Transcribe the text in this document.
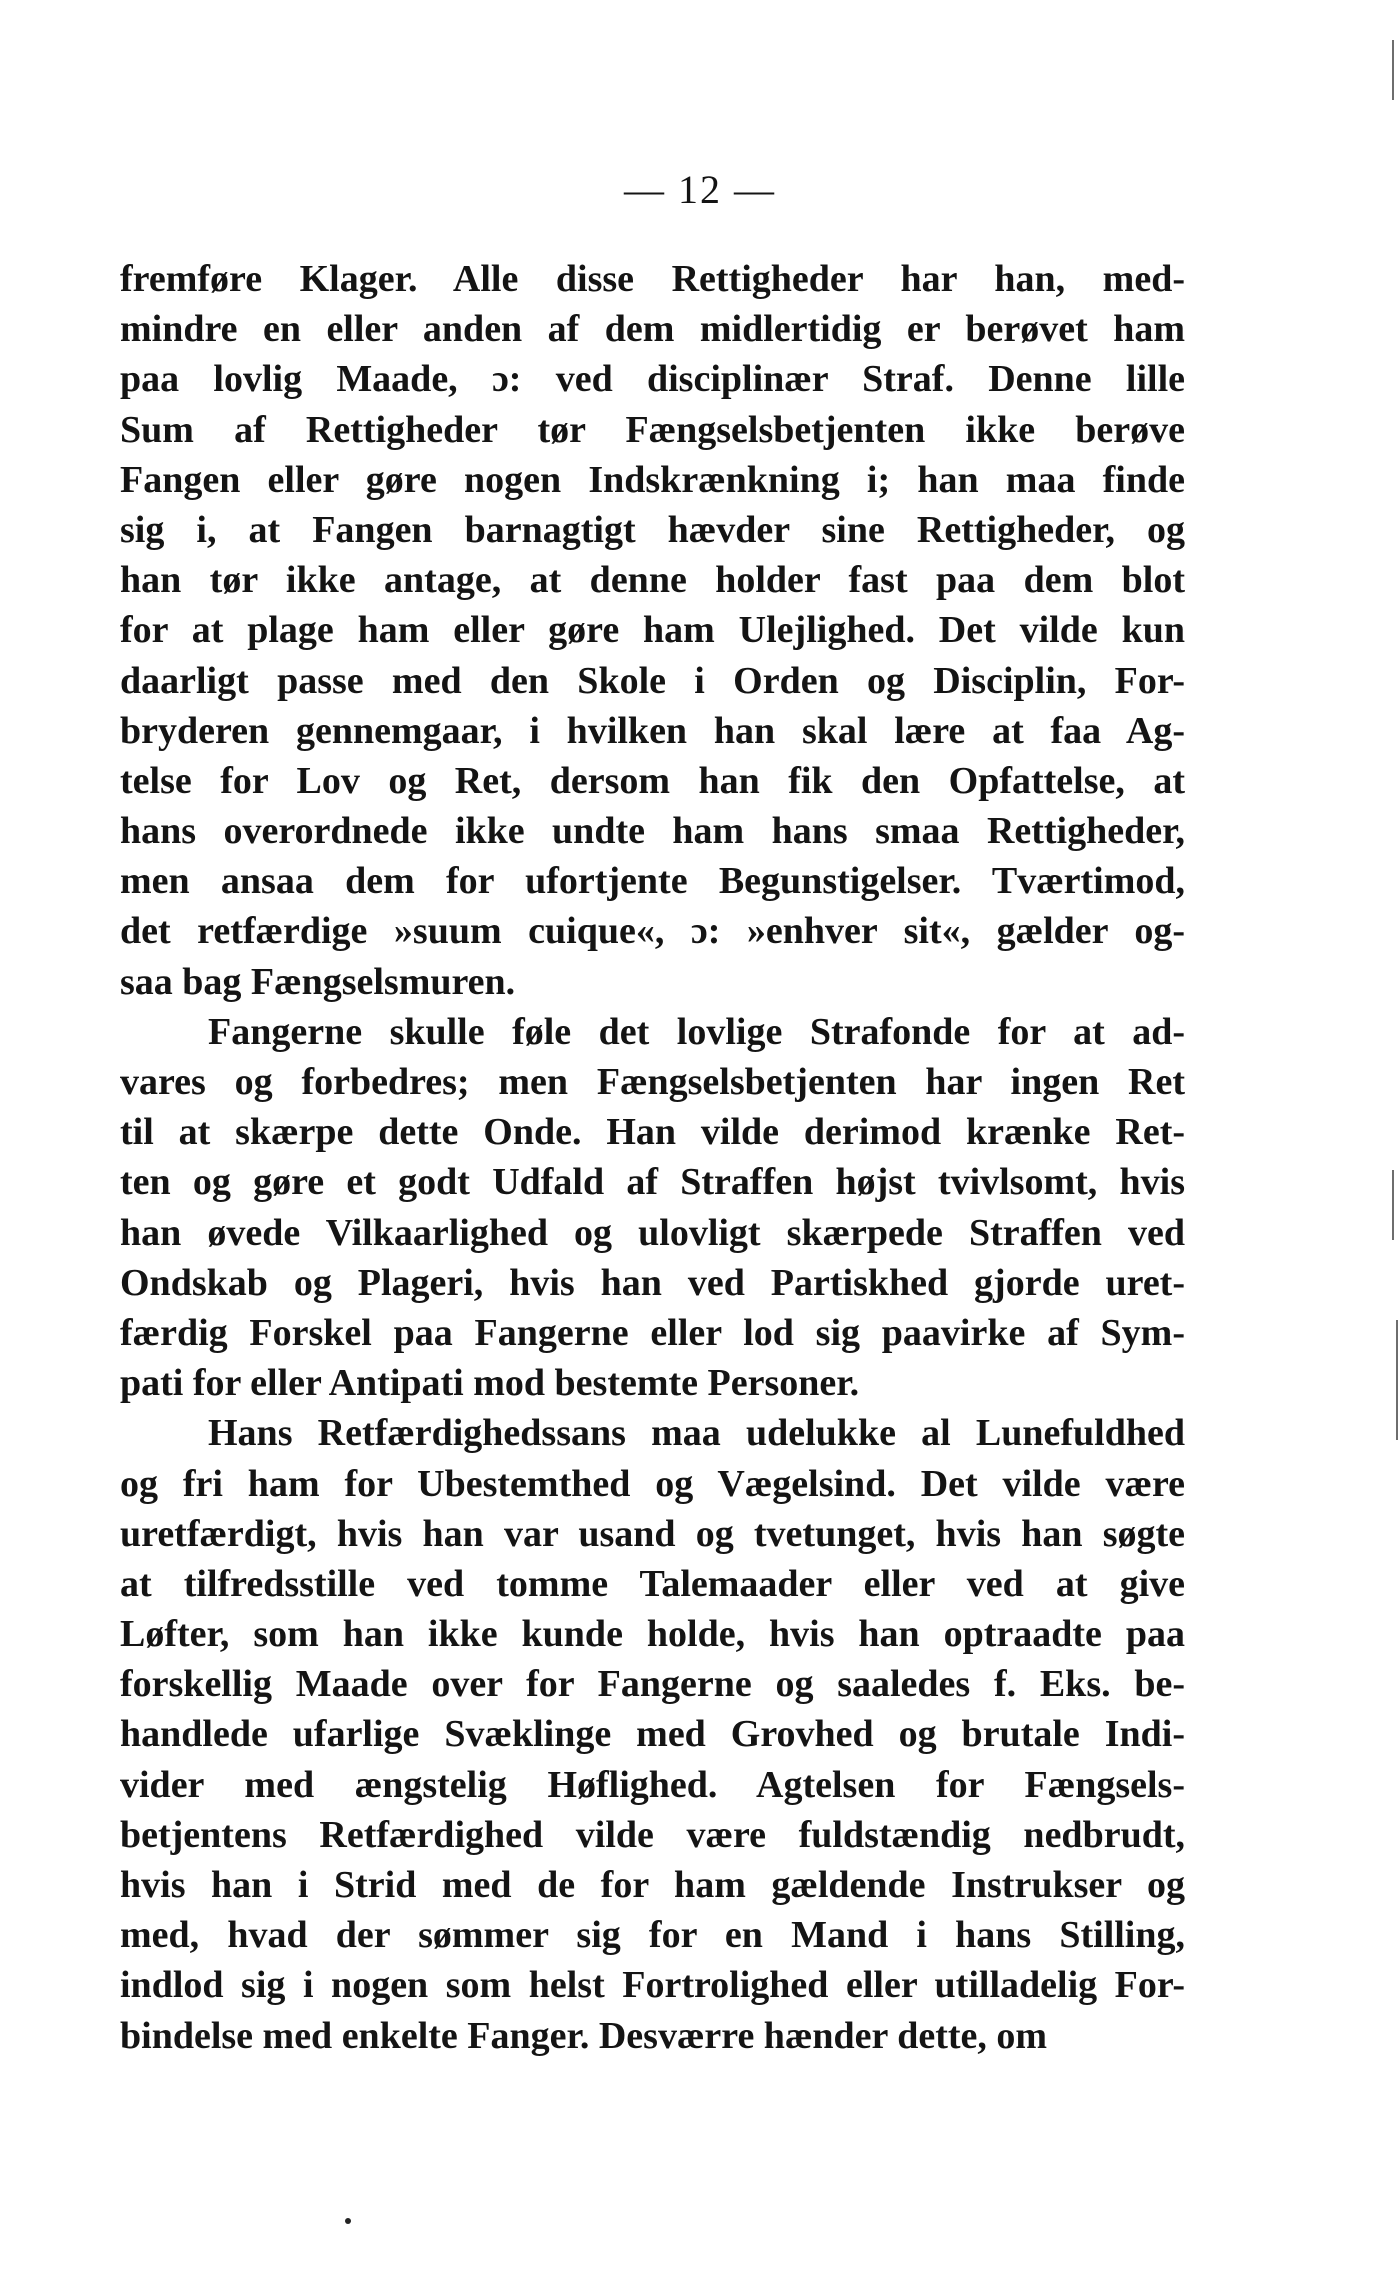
— 12 —
fremføre Klager. Alle disse Rettigheder har han, med-
mindre en eller anden af dem midlertidig er berøvet ham
paa lovlig Maade, ɔ: ved disciplinær Straf. Denne lille
Sum af Rettigheder tør Fængselsbetjenten ikke berøve
Fangen eller gøre nogen Indskrænkning i; han maa finde
sig i, at Fangen barnagtigt hævder sine Rettigheder, og
han tør ikke antage, at denne holder fast paa dem blot
for at plage ham eller gøre ham Ulejlighed. Det vilde kun
daarligt passe med den Skole i Orden og Disciplin, For-
bryderen gennemgaar, i hvilken han skal lære at faa Ag-
telse for Lov og Ret, dersom han fik den Opfattelse, at
hans overordnede ikke undte ham hans smaa Rettigheder,
men ansaa dem for ufortjente Begunstigelser. Tværtimod,
det retfærdige »suum cuique«, ɔ: »enhver sit«, gælder og-
saa bag Fængselsmuren.
Fangerne skulle føle det lovlige Strafonde for at ad-
vares og forbedres; men Fængselsbetjenten har ingen Ret
til at skærpe dette Onde. Han vilde derimod krænke Ret-
ten og gøre et godt Udfald af Straffen højst tvivlsomt, hvis
han øvede Vilkaarlighed og ulovligt skærpede Straffen ved
Ondskab og Plageri, hvis han ved Partiskhed gjorde uret-
færdig Forskel paa Fangerne eller lod sig paavirke af Sym-
pati for eller Antipati mod bestemte Personer.
Hans Retfærdighedssans maa udelukke al Lunefuldhed
og fri ham for Ubestemthed og Vægelsind. Det vilde være
uretfærdigt, hvis han var usand og tvetunget, hvis han søgte
at tilfredsstille ved tomme Talemaader eller ved at give
Løfter, som han ikke kunde holde, hvis han optraadte paa
forskellig Maade over for Fangerne og saaledes f. Eks. be-
handlede ufarlige Svæklinge med Grovhed og brutale Indi-
vider med ængstelig Høflighed. Agtelsen for Fængsels-
betjentens Retfærdighed vilde være fuldstændig nedbrudt,
hvis han i Strid med de for ham gældende Instrukser og
med, hvad der sømmer sig for en Mand i hans Stilling,
indlod sig i nogen som helst Fortrolighed eller utilladelig For-
bindelse med enkelte Fanger. Desværre hænder dette, om
